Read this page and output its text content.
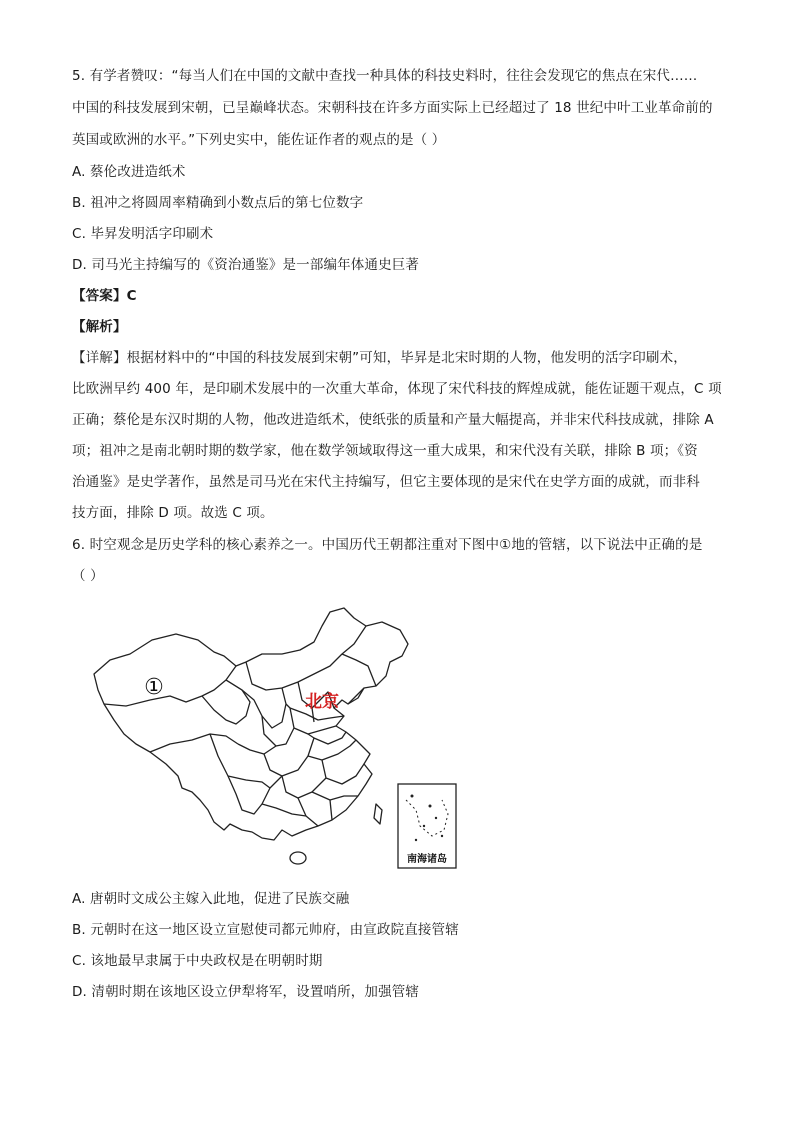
5. 有学者赞叹：“每当人们在中国的文献中查找一种具体的科技史料时，往往会发现它的焦点在宋代……
中国的科技发展到宋朝，已呈巅峰状态。宋朝科技在许多方面实际上已经超过了 18 世纪中叶工业革命前的
英国或欧洲的水平。”下列史实中，能佐证作者的观点的是（ ）
A. 蔡伦改进造纸术
B. 祖冲之将圆周率精确到小数点后的第七位数字
C. 毕昇发明活字印刷术
D. 司马光主持编写的《资治通鉴》是一部编年体通史巨著
【答案】C
【解析】
【详解】根据材料中的“中国的科技发展到宋朝”可知，毕昇是北宋时期的人物，他发明的活字印刷术，
比欧洲早约 400 年，是印刷术发展中的一次重大革命，体现了宋代科技的辉煌成就，能佐证题干观点，C 项
正确；蔡伦是东汉时期的人物，他改进造纸术，使纸张的质量和产量大幅提高，并非宋代科技成就，排除 A
项；祖冲之是南北朝时期的数学家，他在数学领域取得这一重大成果，和宋代没有关联，排除 B 项；《资
治通鉴》是史学著作，虽然是司马光在宋代主持编写，但它主要体现的是宋代在史学方面的成就，而非科
技方面，排除 D 项。故选 C 项。
6. 时空观念是历史学科的核心素养之一。中国历代王朝都注重对下图中①地的管辖，以下说法中正确的是
（ ）
南海诸岛
①
北京
A. 唐朝时文成公主嫁入此地，促进了民族交融
B. 元朝时在这一地区设立宣慰使司都元帅府，由宣政院直接管辖
C. 该地最早隶属于中央政权是在明朝时期
D. 清朝时期在该地区设立伊犁将军，设置哨所，加强管辖
